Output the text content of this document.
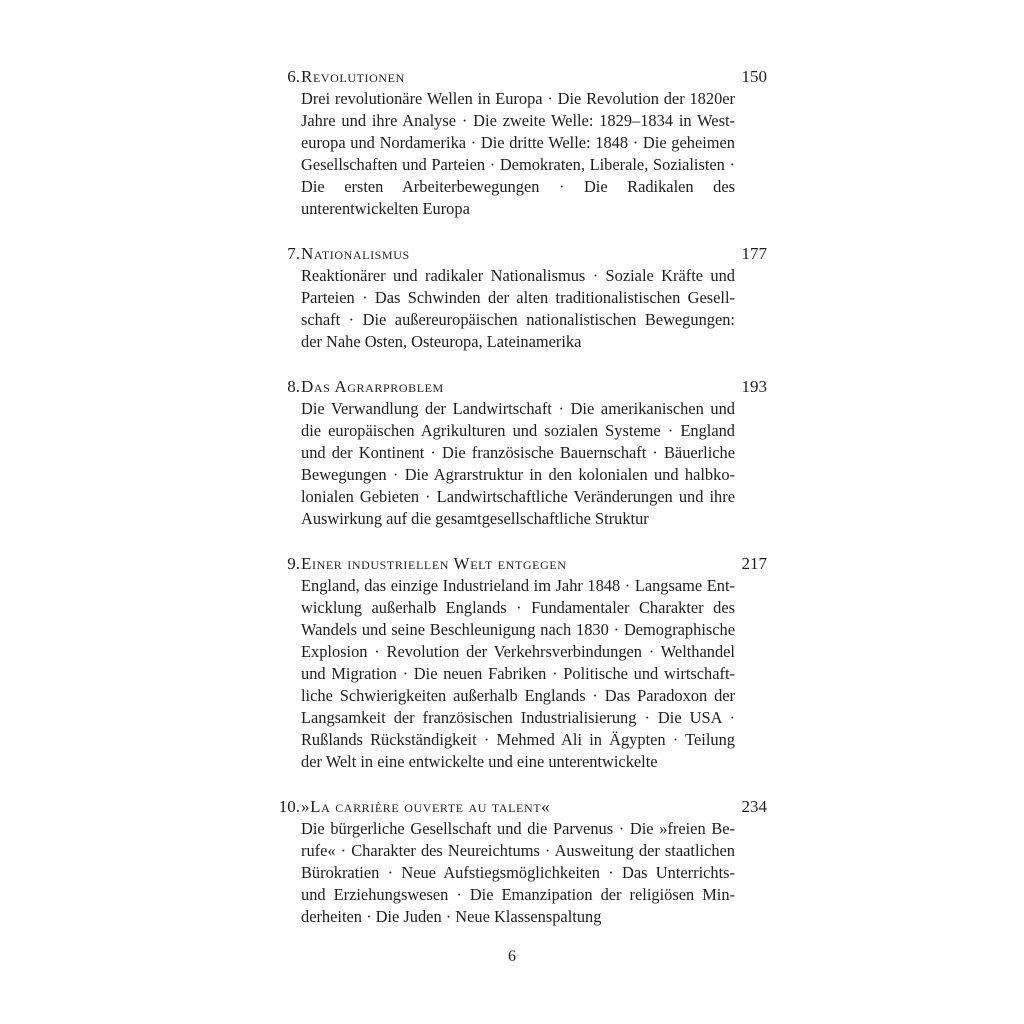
6. Revolutionen	150

Drei revolutionäre Wellen in Europa · Die Revolution der 1820er Jahre und ihre Analyse · Die zweite Welle: 1829–1834 in Westeuropa und Nordamerika · Die dritte Welle: 1848 · Die geheimen Gesellschaften und Parteien · Demokraten, Liberale, Sozialisten · Die ersten Arbeiterbewegungen · Die Radikalen des unterentwickelten Europa

7. Nationalismus	177

Reaktionärer und radikaler Nationalismus · Soziale Kräfte und Parteien · Das Schwinden der alten traditionalistischen Gesellschaft · Die außereuropäischen nationalistischen Bewegungen: der Nahe Osten, Osteuropa, Lateinamerika

8. Das Agrarproblem	193

Die Verwandlung der Landwirtschaft · Die amerikanischen und die europäischen Agrikulturen und sozialen Systeme · England und der Kontinent · Die französische Bauernschaft · Bäuerliche Bewegungen · Die Agrarstruktur in den kolonialen und halbkolonialen Gebieten · Landwirtschaftliche Veränderungen und ihre Auswirkung auf die gesamtgesellschaftliche Struktur

9. Einer industriellen Welt entgegen	217

England, das einzige Industrieland im Jahr 1848 · Langsame Entwicklung außerhalb Englands · Fundamentaler Charakter des Wandels und seine Beschleunigung nach 1830 · Demographische Explosion · Revolution der Verkehrsverbindungen · Welthandel und Migration · Die neuen Fabriken · Politische und wirtschaftliche Schwierigkeiten außerhalb Englands · Das Paradoxon der Langsamkeit der französischen Industrialisierung · Die USA · Rußlands Rückständigkeit · Mehmed Ali in Ägypten · Teilung der Welt in eine entwickelte und eine unterentwickelte

10. »La carrière ouverte au talent«	234

Die bürgerliche Gesellschaft und die Parvenus · Die »freien Berufe« · Charakter des Neureichtums · Ausweitung der staatlichen Bürokratien · Neue Aufstiegsmöglichkeiten · Das Unterrichts- und Erziehungswesen · Die Emanzipation der religiösen Minderheiten · Die Juden · Neue Klassenspaltung

6
